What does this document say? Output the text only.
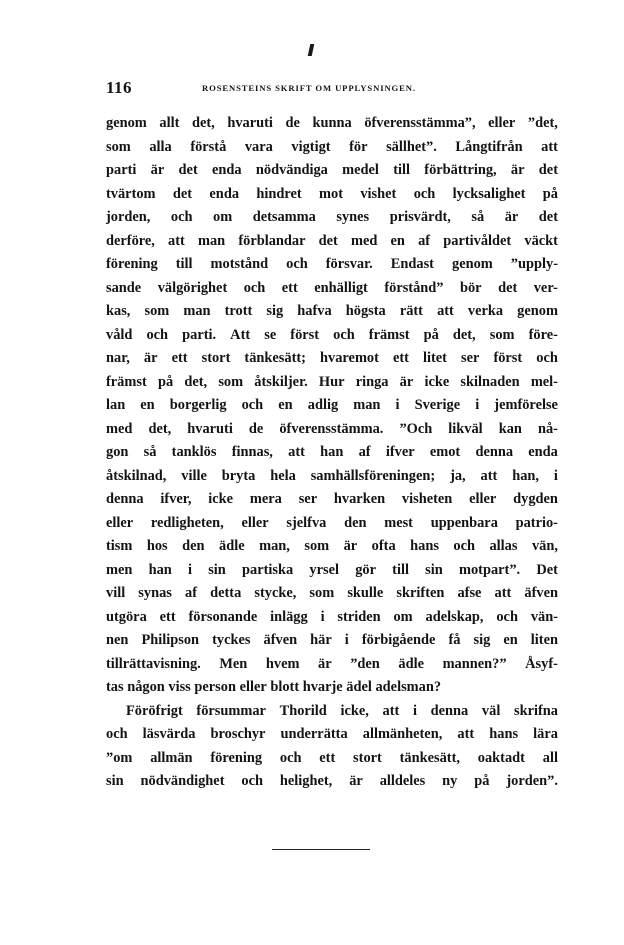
116	ROSENSTEINS SKRIFT OM UPPLYSNINGEN.
genom allt det, hvaruti de kunna öfverensstämma”, eller ”det,
som alla förstå vara vigtigt för sällhet”. Långtifrån att
parti är det enda nödvändiga medel till förbättring, är det
tvärtom det enda hindret mot vishet och lycksalighet på
jorden, och om detsamma synes prisvärdt, så är det
derföre, att man förblandar det med en af partivåldet väckt
förening till motstånd och försvar. Endast genom ”upply-
sande välgörighet och ett enhälligt förstånd” bör det ver-
kas, som man trott sig hafva högsta rätt att verka genom
våld och parti. Att se först och främst på det, som före-
nar, är ett stort tänkesätt; hvaremot ett litet ser först och
främst på det, som åtskiljer. Hur ringa är icke skilnaden mel-
lan en borgerlig och en adlig man i Sverige i jemförelse
med det, hvaruti de öfverensstämma. ”Och likväl kan nå-
gon så tanklös finnas, att han af ifver emot denna enda
åtskilnad, ville bryta hela samhällsföreningen; ja, att han, i
denna ifver, icke mera ser hvarken visheten eller dygden
eller redligheten, eller sjelfva den mest uppenbara patrio-
tism hos den ädle man, som är ofta hans och allas vän,
men han i sin partiska yrsel gör till sin motpart”. Det
vill synas af detta stycke, som skulle skriften afse att äfven
utgöra ett försonande inlägg i striden om adelskap, och vän-
nen Philipson tyckes äfven här i förbigående få sig en liten
tillrättavisning. Men hvem är ”den ädle mannen?” Åsyf-
tas någon viss person eller blott hvarje ädel adelsman?
Föröfrigt försummar Thorild icke, att i denna väl skrifna
och läsvärda broschyr underrätta allmänheten, att hans lära
”om allmän förening och ett stort tänkesätt, oaktadt all
sin nödvändighet och helighet, är alldeles ny på jorden”.
